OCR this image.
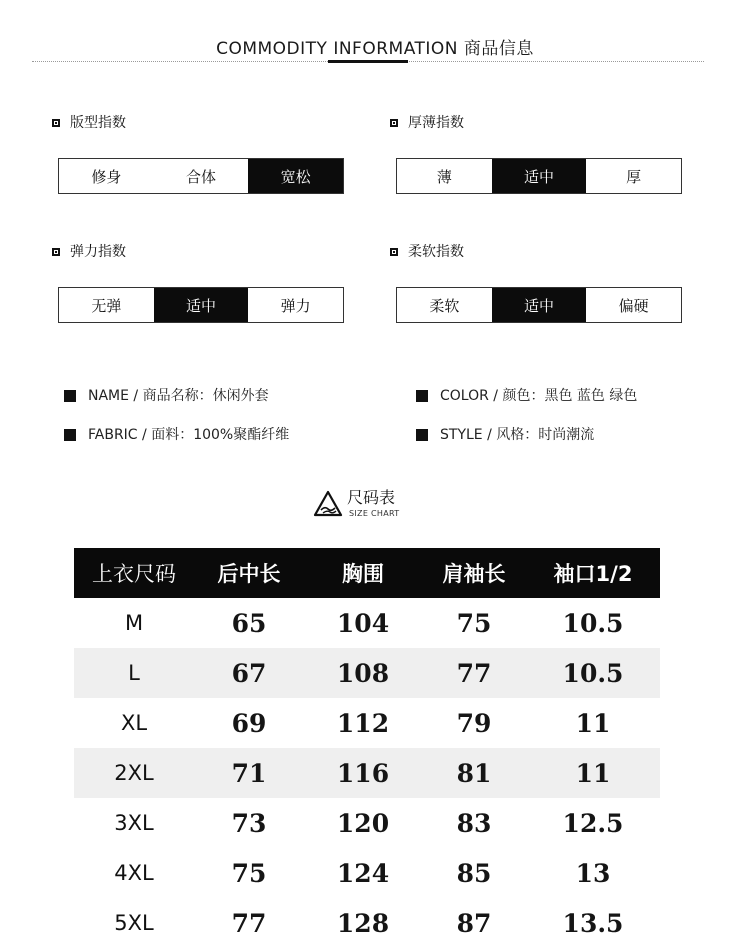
COMMODITY INFORMATION 商品信息
版型指数
修身	合体	宽松
厚薄指数
薄	适中	厚
弹力指数
无弹	适中	弹力
柔软指数
柔软	适中	偏硬
NAME / 商品名称：休闲外套	COLOR / 颜色：黑色 蓝色 绿色
FABRIC / 面料：100%聚酯纤维	STYLE / 风格：时尚潮流
尺码表
SIZE CHART
上衣尺码	后中长	胸围	肩袖长	袖口1/2
M	65	104	75	10.5
L	67	108	77	10.5
XL	69	112	79	11
2XL	71	116	81	11
3XL	73	120	83	12.5
4XL	75	124	85	13
5XL	77	128	87	13.5
